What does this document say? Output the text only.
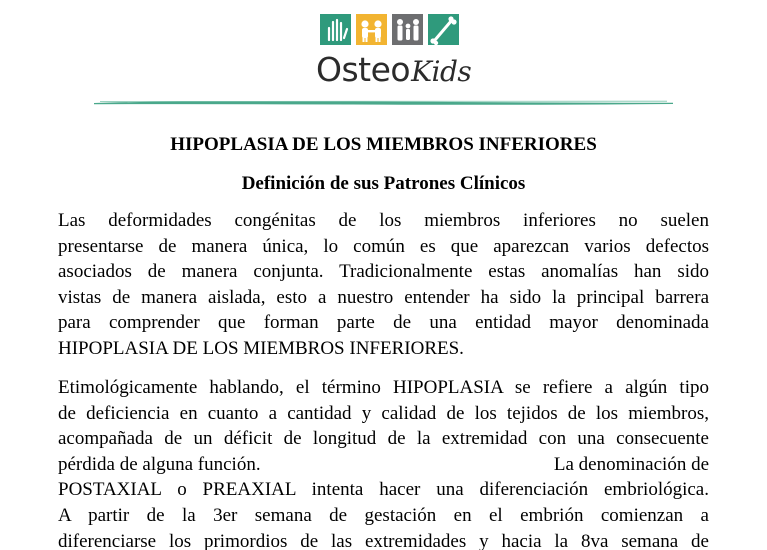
OsteoKids
HIPOPLASIA DE LOS MIEMBROS INFERIORES
Definición de sus Patrones Clínicos
Las deformidades congénitas de los miembros inferiores no suelen
presentarse de manera única, lo común es que aparezcan varios defectos
asociados de manera conjunta. Tradicionalmente estas anomalías han sido
vistas de manera aislada, esto a nuestro entender ha sido la principal barrera
para comprender que forman parte de una entidad mayor denominada
HIPOPLASIA DE LOS MIEMBROS INFERIORES.
Etimológicamente hablando, el término HIPOPLASIA se refiere a algún tipo
de deficiencia en cuanto a cantidad y calidad de los tejidos de los miembros,
acompañada de un déficit de longitud de la extremidad con una consecuente
pérdida de alguna función.	La denominación de
POSTAXIAL o PREAXIAL intenta hacer una diferenciación embriológica.
A partir de la 3er semana de gestación en el embrión comienzan a
diferenciarse los primordios de las extremidades y hacia la 8va semana de
